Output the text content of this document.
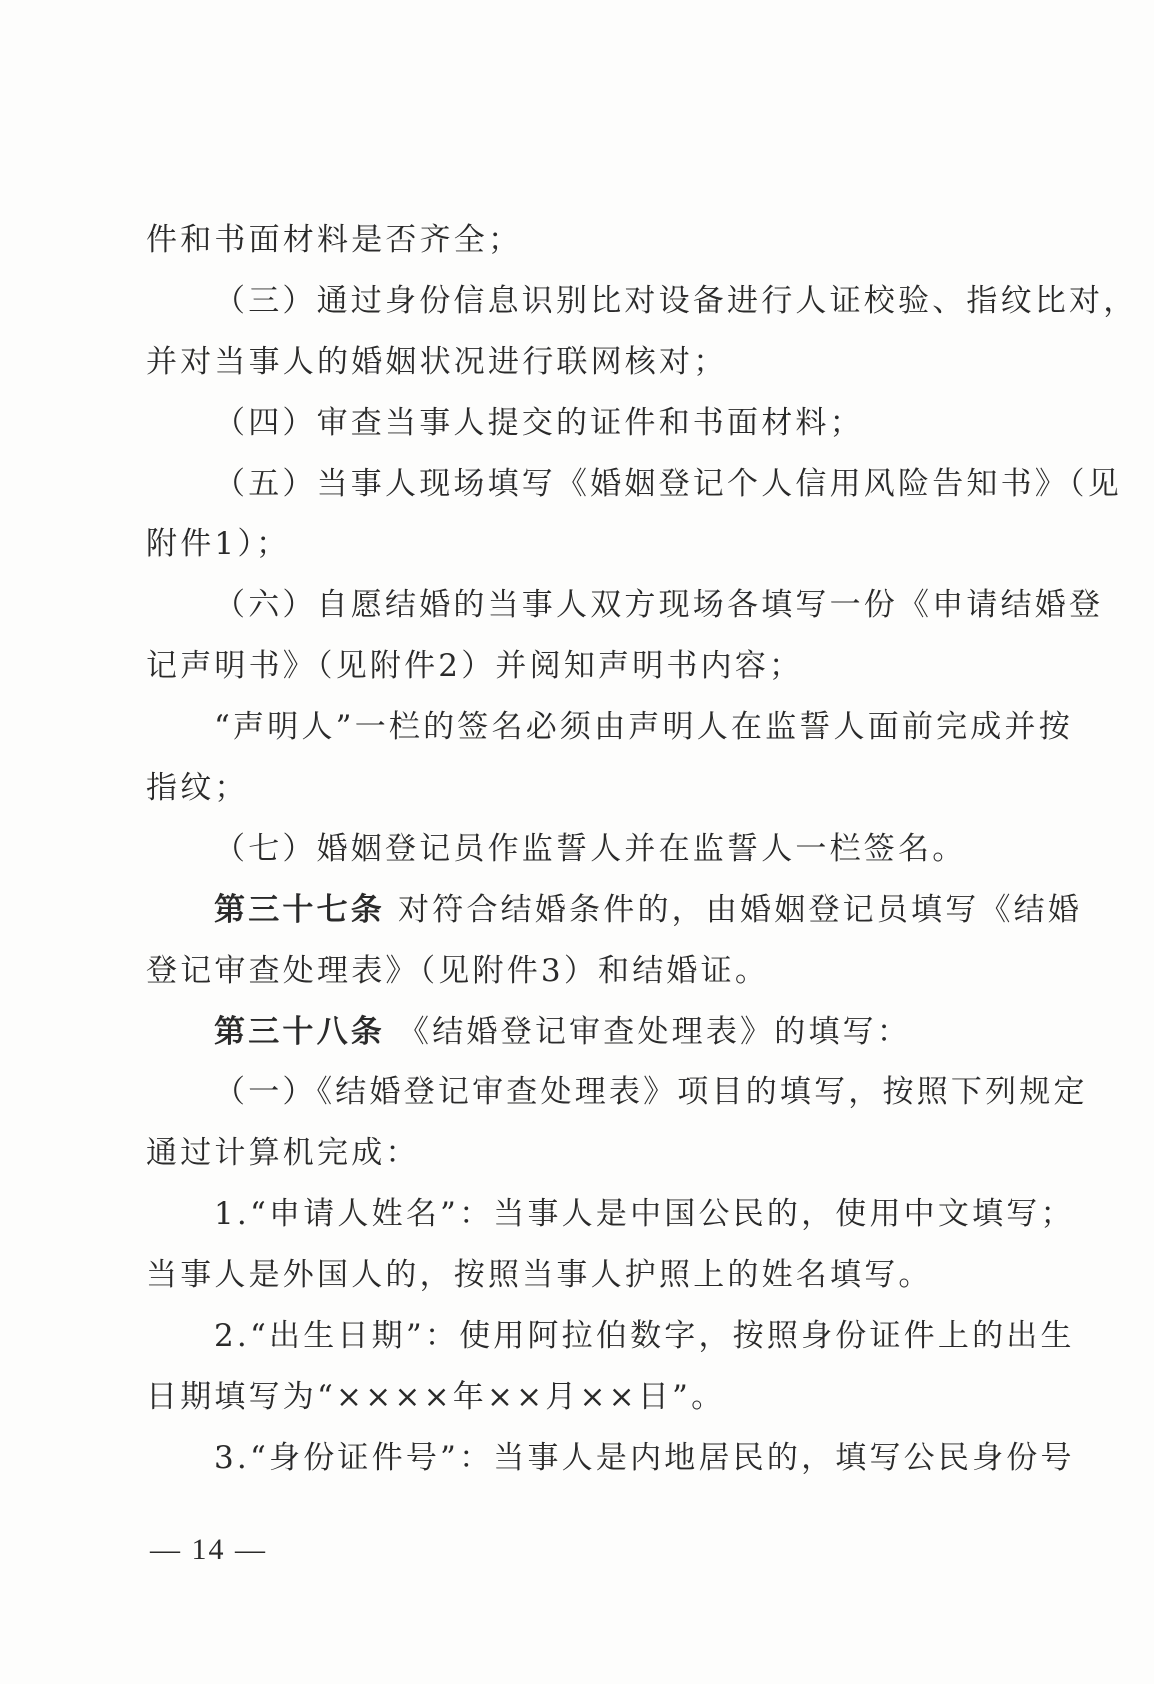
件和书面材料是否齐全；
（三）通过身份信息识别比对设备进行人证校验、指纹比对，
并对当事人的婚姻状况进行联网核对；
（四）审查当事人提交的证件和书面材料；
（五）当事人现场填写《婚姻登记个人信用风险告知书》（见
附件1）；
（六）自愿结婚的当事人双方现场各填写一份《申请结婚登
记声明书》（见附件2）并阅知声明书内容；
“声明人”一栏的签名必须由声明人在监誓人面前完成并按
指纹；
（七）婚姻登记员作监誓人并在监誓人一栏签名。
第三十七条 对符合结婚条件的，由婚姻登记员填写《结婚
登记审查处理表》（见附件3）和结婚证。
第三十八条 《结婚登记审查处理表》的填写：
（一）《结婚登记审查处理表》项目的填写，按照下列规定
通过计算机完成：
1.“申请人姓名”：当事人是中国公民的，使用中文填写；
当事人是外国人的，按照当事人护照上的姓名填写。
2.“出生日期”：使用阿拉伯数字，按照身份证件上的出生
日期填写为“××××年××月××日”。
3.“身份证件号”：当事人是内地居民的，填写公民身份号
— 14 —
